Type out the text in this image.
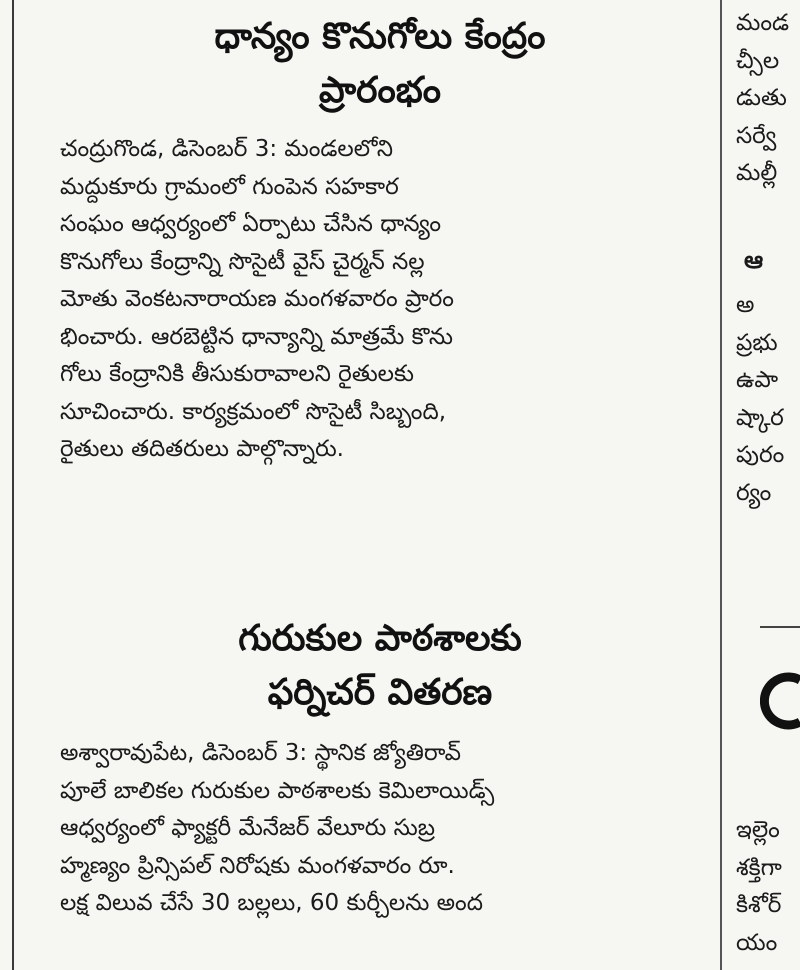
ధాన్యం కొనుగోలు కేంద్రం
ప్రారంభం

చంద్రుగొండ, డిసెంబర్ 3: మండలలోని
మద్దుకూరు గ్రామంలో గుంపెన సహకార
సంఘం ఆధ్వర్యంలో ఏర్పాటు చేసిన ధాన్యం
కొనుగోలు కేంద్రాన్ని సొసైటీ వైస్ చైర్మన్ నల్ల
మోతు వెంకటనారాయణ మంగళవారం ప్రారం
భించారు. ఆరబెట్టిన ధాన్యాన్ని మాత్రమే కొను
గోలు కేంద్రానికి తీసుకురావాలని రైతులకు
సూచించారు. కార్యక్రమంలో సొసైటీ సిబ్బంది,
రైతులు తదితరులు పాల్గొన్నారు.

గురుకుల పాఠశాలకు
ఫర్నిచర్ వితరణ

అశ్వారావుపేట, డిసెంబర్ 3: స్థానిక జ్యోతిరావ్
పూలే బాలికల గురుకుల పాఠశాలకు కెమిలాయిడ్స్
ఆధ్వర్యంలో ఫ్యాక్టరీ మేనేజర్ వేలూరు సుబ్ర
హ్మణ్యం ప్రిన్సిపల్ నిరోషకు మంగళవారం రూ.
లక్ష విలువ చేసే 30 బల్లలు, 60 కుర్చీలను అంద

మండ
చ్సీల
డుతు
సర్వే
మల్లీ
ఆ
అ
ప్రభు
ఉపా
ష్కార
పురం
ర్యం
ఇల్లెం
శక్తిగా
కిశోర్
యం
